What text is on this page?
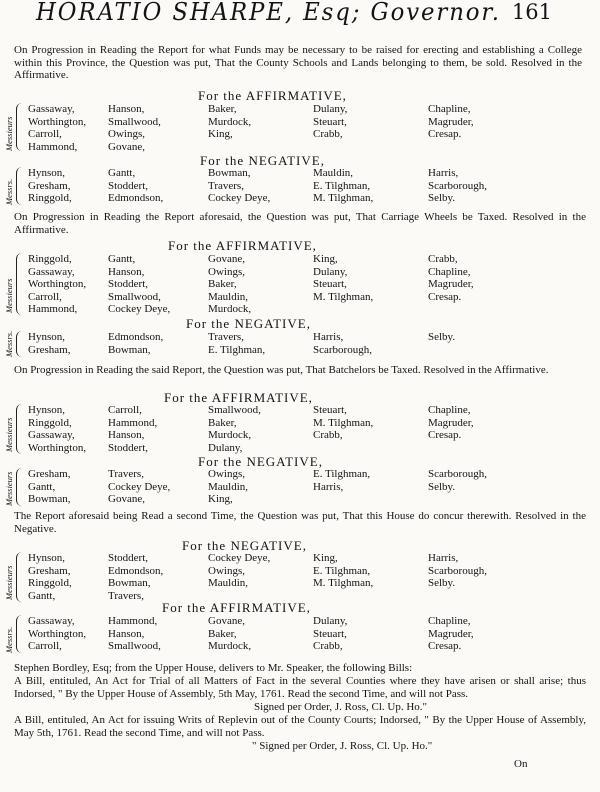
HORATIO SHARPE, Esq; Governor. 161
On Progression in Reading the Report for what Funds may be necessary to be raised for erecting and establishing a College within this Province, the Question was put, That the County Schools and Lands belonging to them, be sold. Resolved in the Affirmative.
For the AFFIRMATIVE,
Messieurs
Gassaway,	Hanson,	Baker,	Dulany,	Chapline,
Worthington, Smallwood,	Murdock,	Steuart,	Magruder,
Carroll,	Owings,	King,	Crabb,	Cresap.
Hammond,	Govane,
For the NEGATIVE,
Messrs.
Hynson,	Gantt,	Bowman,	Mauldin,	Harris,
Gresham,	Stoddert,	Travers,	E. Tilghman,	Scarborough,
Ringgold,	Edmondson,	Cockey Deye,	M. Tilghman,	Selby.
On Progression in Reading the Report aforesaid, the Question was put, That Carriage Wheels be Taxed. Resolved in the Affirmative.
For the AFFIRMATIVE,
Messieurs
Ringgold,	Gantt,	Govane,	King,	Crabb,
Gassaway,	Hanson,	Owings,	Dulany,	Chapline,
Worthington, Stoddert,	Baker,	Steuart,	Magruder,
Carroll,	Smallwood,	Mauldin,	M. Tilghman,	Cresap.
Hammond,	Cockey Deye,	Murdock,
For the NEGATIVE,
Messrs. Hynson,	Edmondson,	Travers,	Harris,	Selby.
Gresham,	Bowman,	E. Tilghman,	Scarborough,
On Progression in Reading the said Report, the Question was put, That Batchelors be Taxed. Resolved in the Affirmative.
For the AFFIRMATIVE,
Messieurs
Hynson,	Carroll,	Smallwood,	Steuart,	Chapline,
Ringgold,	Hammond,	Baker,	M. Tilghman,	Magruder,
Gassaway,	Hanson,	Murdock,	Crabb,	Cresap.
Worthington, Stoddert,	Dulany,
For the NEGATIVE,
Messieurs Gresham,	Travers,	Owings,	E. Tilghman,	Scarborough,
Gantt,	Cockey Deye,	Mauldin,	Harris,	Selby.
Bowman,	Govane,	King,
The Report aforesaid being Read a second Time, the Question was put, That this House do concur therewith. Resolved in the Negative.
For the NEGATIVE,
Messieurs
Hynson,	Stoddert,	Cockey Deye,	King,	Harris,
Gresham,	Edmondson,	Owings,	E. Tilghman,	Scarborough,
Ringgold,	Bowman,	Mauldin,	M. Tilghman,	Selby.
Gantt,	Travers,
For the AFFIRMATIVE,
Messrs.
Gassaway,	Hammond,	Govane,	Dulany,	Chapline,
Worthington, Hanson,	Baker,	Steuart,	Magruder,
Carroll,	Smallwood,	Murdock,	Crabb,	Cresap.
Stephen Bordley, Esq; from the Upper House, delivers to Mr. Speaker, the following Bills:
A Bill, entituled, An Act for Trial of all Matters of Fact in the several Counties where they have arisen or shall arise; thus Indorsed, " By the Upper House of Assembly, 5th May, 1761. Read the second Time, and will not Pass.
Signed per Order, J. Ross, Cl. Up. Ho."
A Bill, entituled, An Act for issuing Writs of Replevin out of the County Courts; Indorsed, " By the Upper House of Assembly, May 5th, 1761. Read the second Time, and will not Pass.
" Signed per Order, J. Ross, Cl. Up. Ho."
On
